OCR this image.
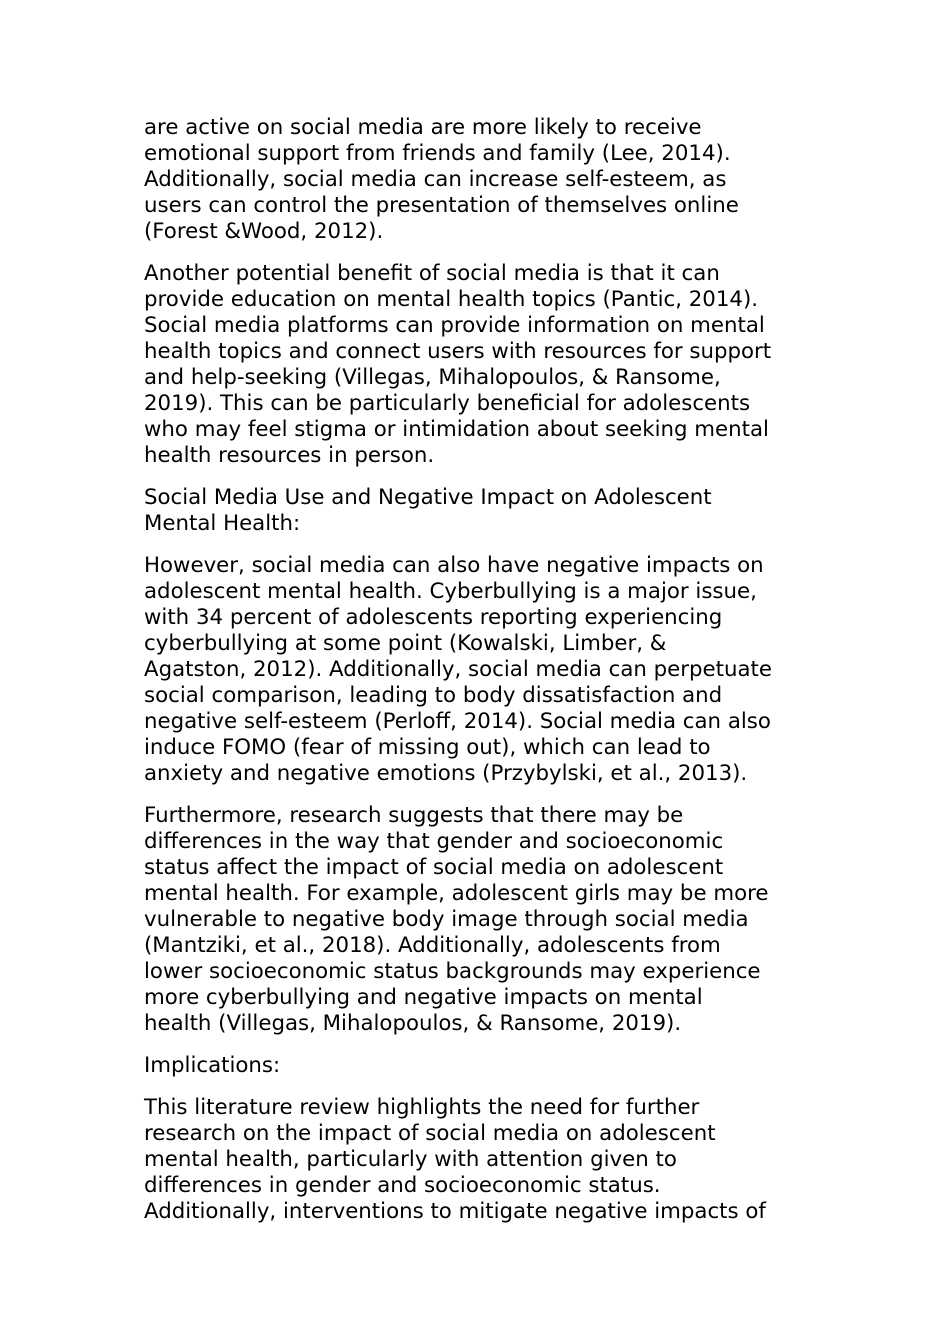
are active on social media are more likely to receive
emotional support from friends and family (Lee, 2014).
Additionally, social media can increase self-esteem, as
users can control the presentation of themselves online
(Forest &Wood, 2012).

Another potential benefit of social media is that it can
provide education on mental health topics (Pantic, 2014).
Social media platforms can provide information on mental
health topics and connect users with resources for support
and help-seeking (Villegas, Mihalopoulos, & Ransome,
2019). This can be particularly beneficial for adolescents
who may feel stigma or intimidation about seeking mental
health resources in person.

Social Media Use and Negative Impact on Adolescent
Mental Health:

However, social media can also have negative impacts on
adolescent mental health. Cyberbullying is a major issue,
with 34 percent of adolescents reporting experiencing
cyberbullying at some point (Kowalski, Limber, &
Agatston, 2012). Additionally, social media can perpetuate
social comparison, leading to body dissatisfaction and
negative self-esteem (Perloff, 2014). Social media can also
induce FOMO (fear of missing out), which can lead to
anxiety and negative emotions (Przybylski, et al., 2013).

Furthermore, research suggests that there may be
differences in the way that gender and socioeconomic
status affect the impact of social media on adolescent
mental health. For example, adolescent girls may be more
vulnerable to negative body image through social media
(Mantziki, et al., 2018). Additionally, adolescents from
lower socioeconomic status backgrounds may experience
more cyberbullying and negative impacts on mental
health (Villegas, Mihalopoulos, & Ransome, 2019).

Implications:

This literature review highlights the need for further
research on the impact of social media on adolescent
mental health, particularly with attention given to
differences in gender and socioeconomic status.
Additionally, interventions to mitigate negative impacts of
